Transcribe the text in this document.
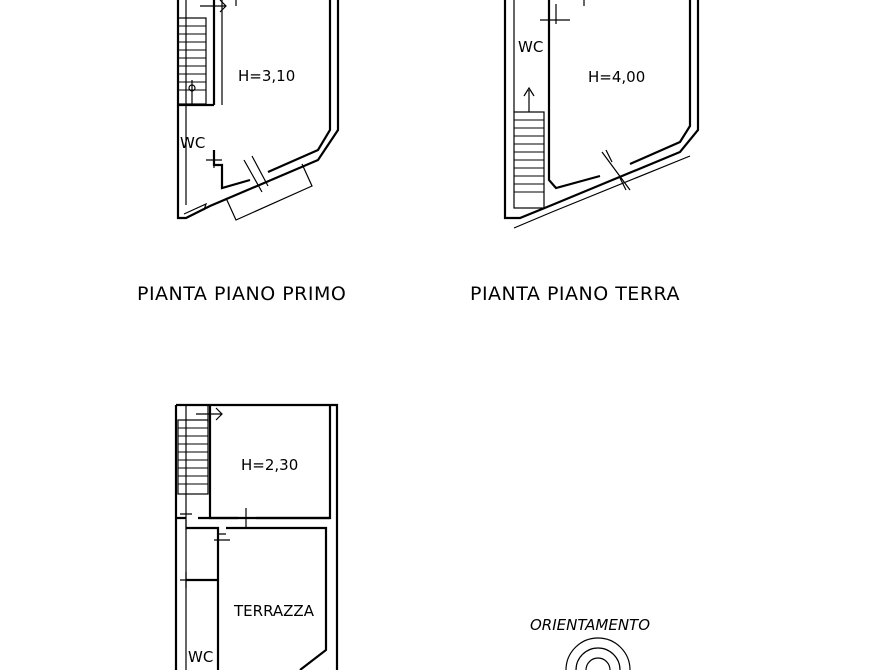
H=3,10
WC
PIANTA PIANO PRIMO
H=4,00
WC
PIANTA PIANO TERRA
H=2,30
TERRAZZA
WC
ORIENTAMENTO
